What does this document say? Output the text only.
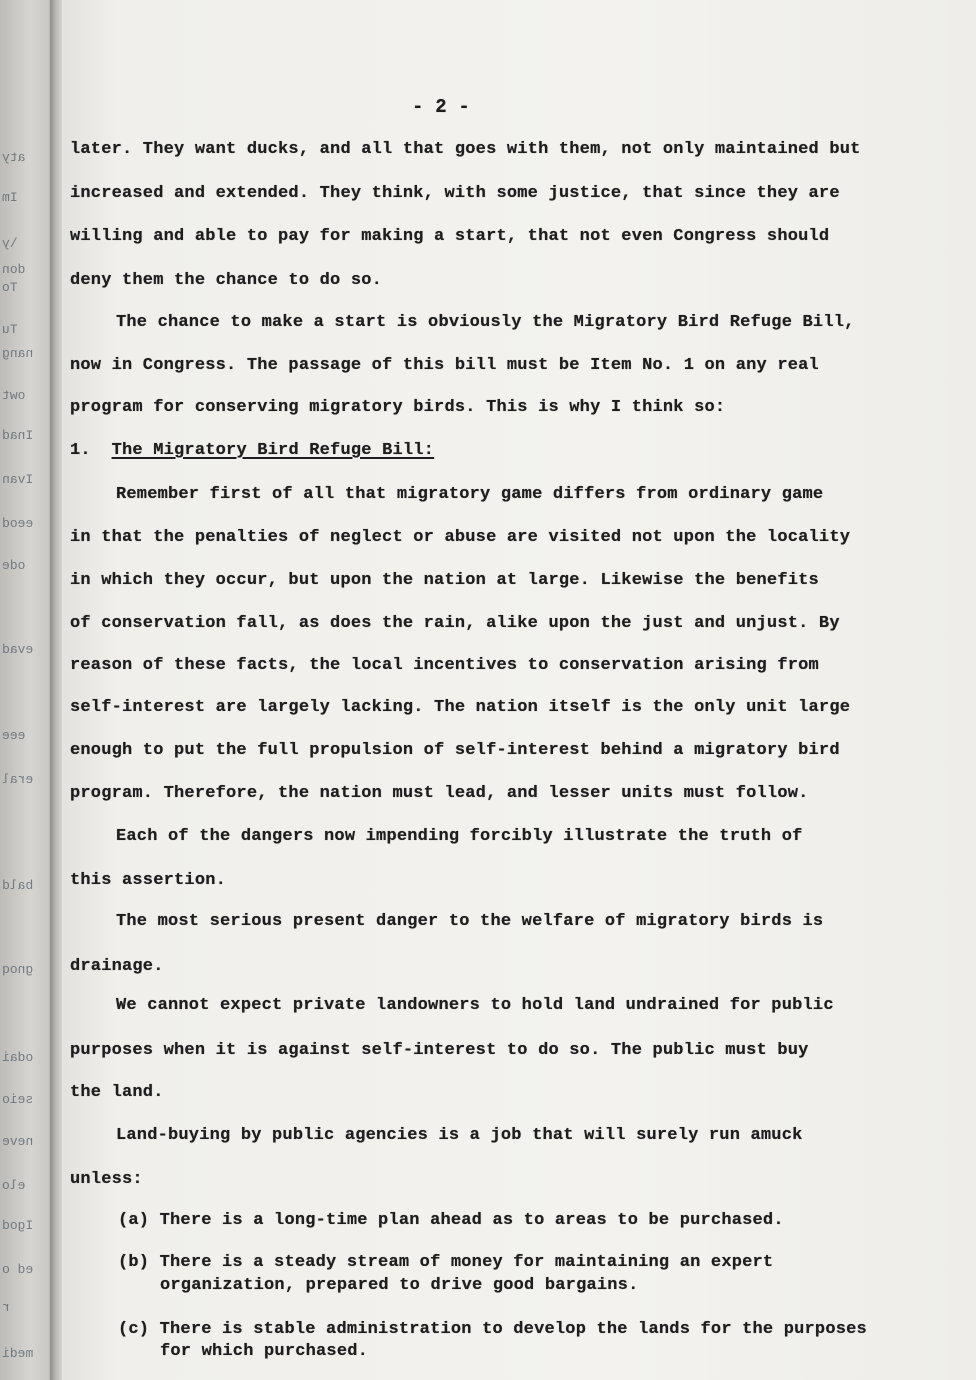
aty
Im
\y
don
To
Tu
nang
owt
Inad
Ivan
eeod
ode
evad
eee
eral
bald
gnoq
odai
seio
neve
elo
Igod
ed o
r
medi
- 2 -
later. They want ducks, and all that goes with them, not only maintained but
increased and extended. They think, with some justice, that since they are
willing and able to pay for making a start, that not even Congress should
deny them the chance to do so.
The chance to make a start is obviously the Migratory Bird Refuge Bill,
now in Congress. The passage of this bill must be Item No. 1 on any real
program for conserving migratory birds. This is why I think so:
1. The Migratory Bird Refuge Bill:
Remember first of all that migratory game differs from ordinary game
in that the penalties of neglect or abuse are visited not upon the locality
in which they occur, but upon the nation at large. Likewise the benefits
of conservation fall, as does the rain, alike upon the just and unjust. By
reason of these facts, the local incentives to conservation arising from
self-interest are largely lacking. The nation itself is the only unit large
enough to put the full propulsion of self-interest behind a migratory bird
program. Therefore, the nation must lead, and lesser units must follow.
Each of the dangers now impending forcibly illustrate the truth of
this assertion.
The most serious present danger to the welfare of migratory birds is
drainage.
We cannot expect private landowners to hold land undrained for public
purposes when it is against self-interest to do so. The public must buy
the land.
Land-buying by public agencies is a job that will surely run amuck
unless:
(a) There is a long-time plan ahead as to areas to be purchased.
(b) There is a steady stream of money for maintaining an expert
organization, prepared to drive good bargains.
(c) There is stable administration to develop the lands for the purposes
for which purchased.
